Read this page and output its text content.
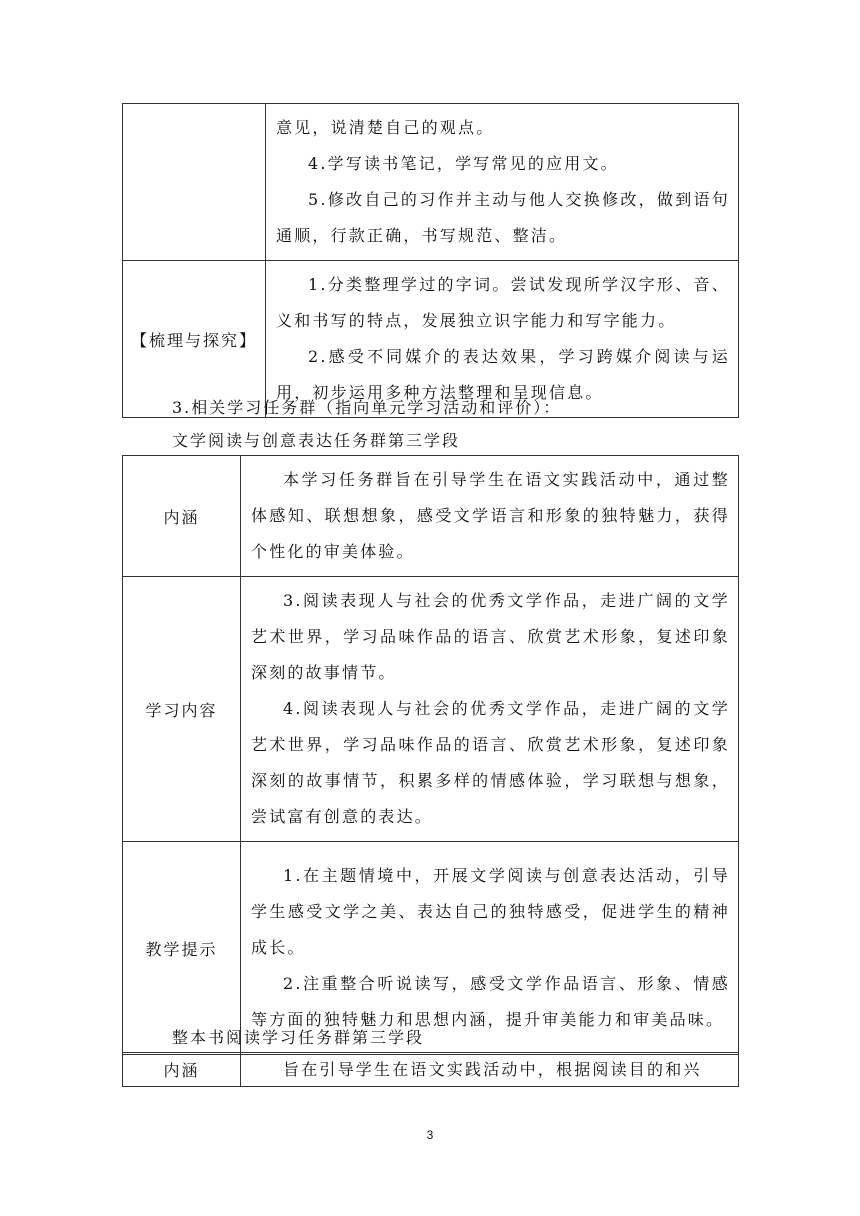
	意见，说清楚自己的观点。

4.学写读书笔记，学写常见的应用文。

5.修改自己的习作并主动与他人交换修改，做到语句通顺，行款正确，书写规范、整洁。

【梳理与探究】	1.分类整理学过的字词。尝试发现所学汉字形、音、义和书写的特点，发展独立识字能力和写字能力。

2.感受不同媒介的表达效果，学习跨媒介阅读与运用，初步运用多种方法整理和呈现信息。

3.相关学习任务群（指向单元学习活动和评价）：

文学阅读与创意表达任务群第三学段

内涵	本学习任务群旨在引导学生在语文实践活动中，通过整体感知、联想想象，感受文学语言和形象的独特魅力，获得个性化的审美体验。

学习内容	3.阅读表现人与社会的优秀文学作品，走进广阔的文学艺术世界，学习品味作品的语言、欣赏艺术形象，复述印象深刻的故事情节。

4.阅读表现人与社会的优秀文学作品，走进广阔的文学艺术世界，学习品味作品的语言、欣赏艺术形象，复述印象深刻的故事情节，积累多样的情感体验，学习联想与想象，尝试富有创意的表达。

教学提示	1.在主题情境中，开展文学阅读与创意表达活动，引导学生感受文学之美、表达自己的独特感受，促进学生的精神成长。

2.注重整合听说读写，感受文学作品语言、形象、情感等方面的独特魅力和思想内涵，提升审美能力和审美品味。

整本书阅读学习任务群第三学段

内涵	旨在引导学生在语文实践活动中，根据阅读目的和兴

3
